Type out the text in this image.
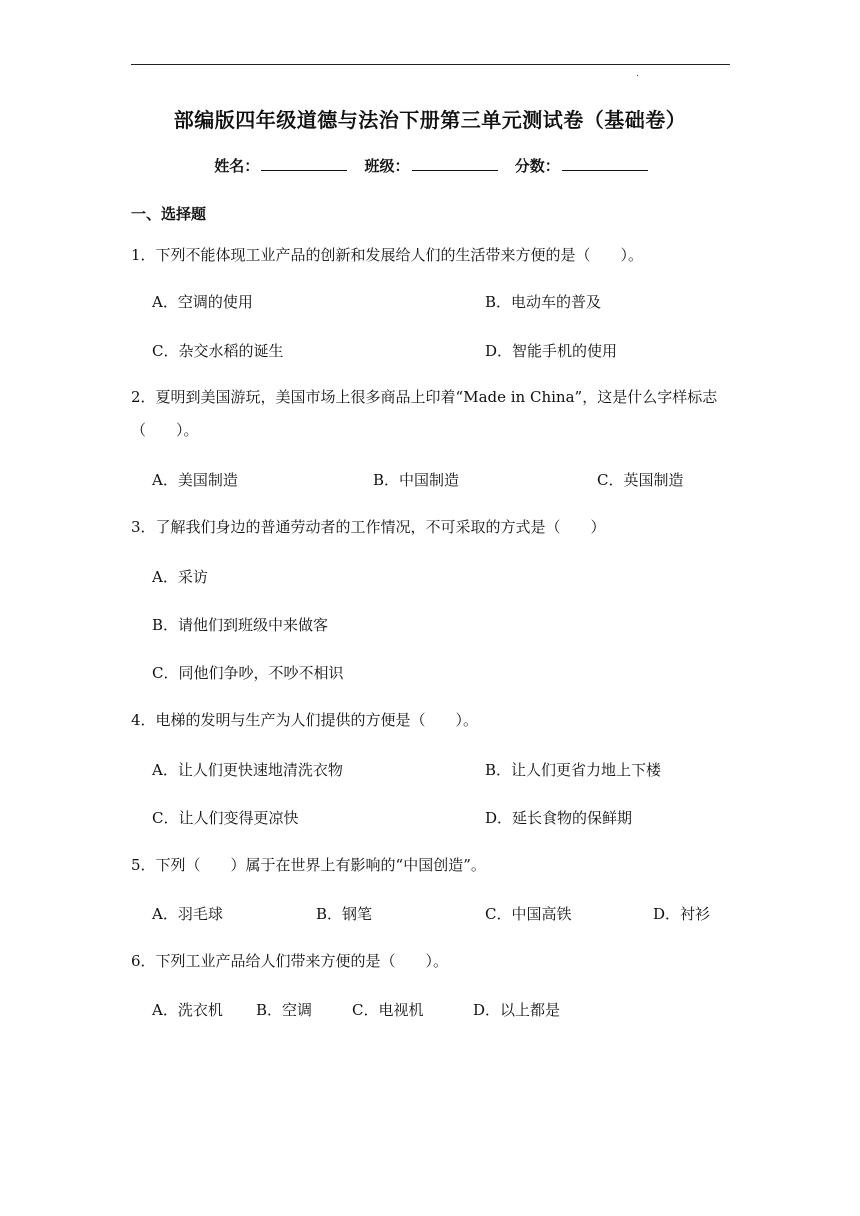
.
部编版四年级道德与法治下册第三单元测试卷（基础卷）
姓名：	班级：	分数：
一、选择题
1．下列不能体现工业产品的创新和发展给人们的生活带来方便的是（　　）。
A．空调的使用	B．电动车的普及
C．杂交水稻的诞生	D．智能手机的使用
2．夏明到美国游玩，美国市场上很多商品上印着“Made in China”，这是什么字样标志（　　）。
A．美国制造	B．中国制造	C．英国制造
3．了解我们身边的普通劳动者的工作情况，不可采取的方式是（　　）
A．采访
B．请他们到班级中来做客
C．同他们争吵，不吵不相识
4．电梯的发明与生产为人们提供的方便是（　　）。
A．让人们更快速地清洗衣物	B．让人们更省力地上下楼
C．让人们变得更凉快	D．延长食物的保鲜期
5．下列（　　）属于在世界上有影响的“中国创造”。
A．羽毛球	B．钢笔	C．中国高铁	D．衬衫
6．下列工业产品给人们带来方便的是（　　）。
A．洗衣机 B．空调	C．电视机	D．以上都是
